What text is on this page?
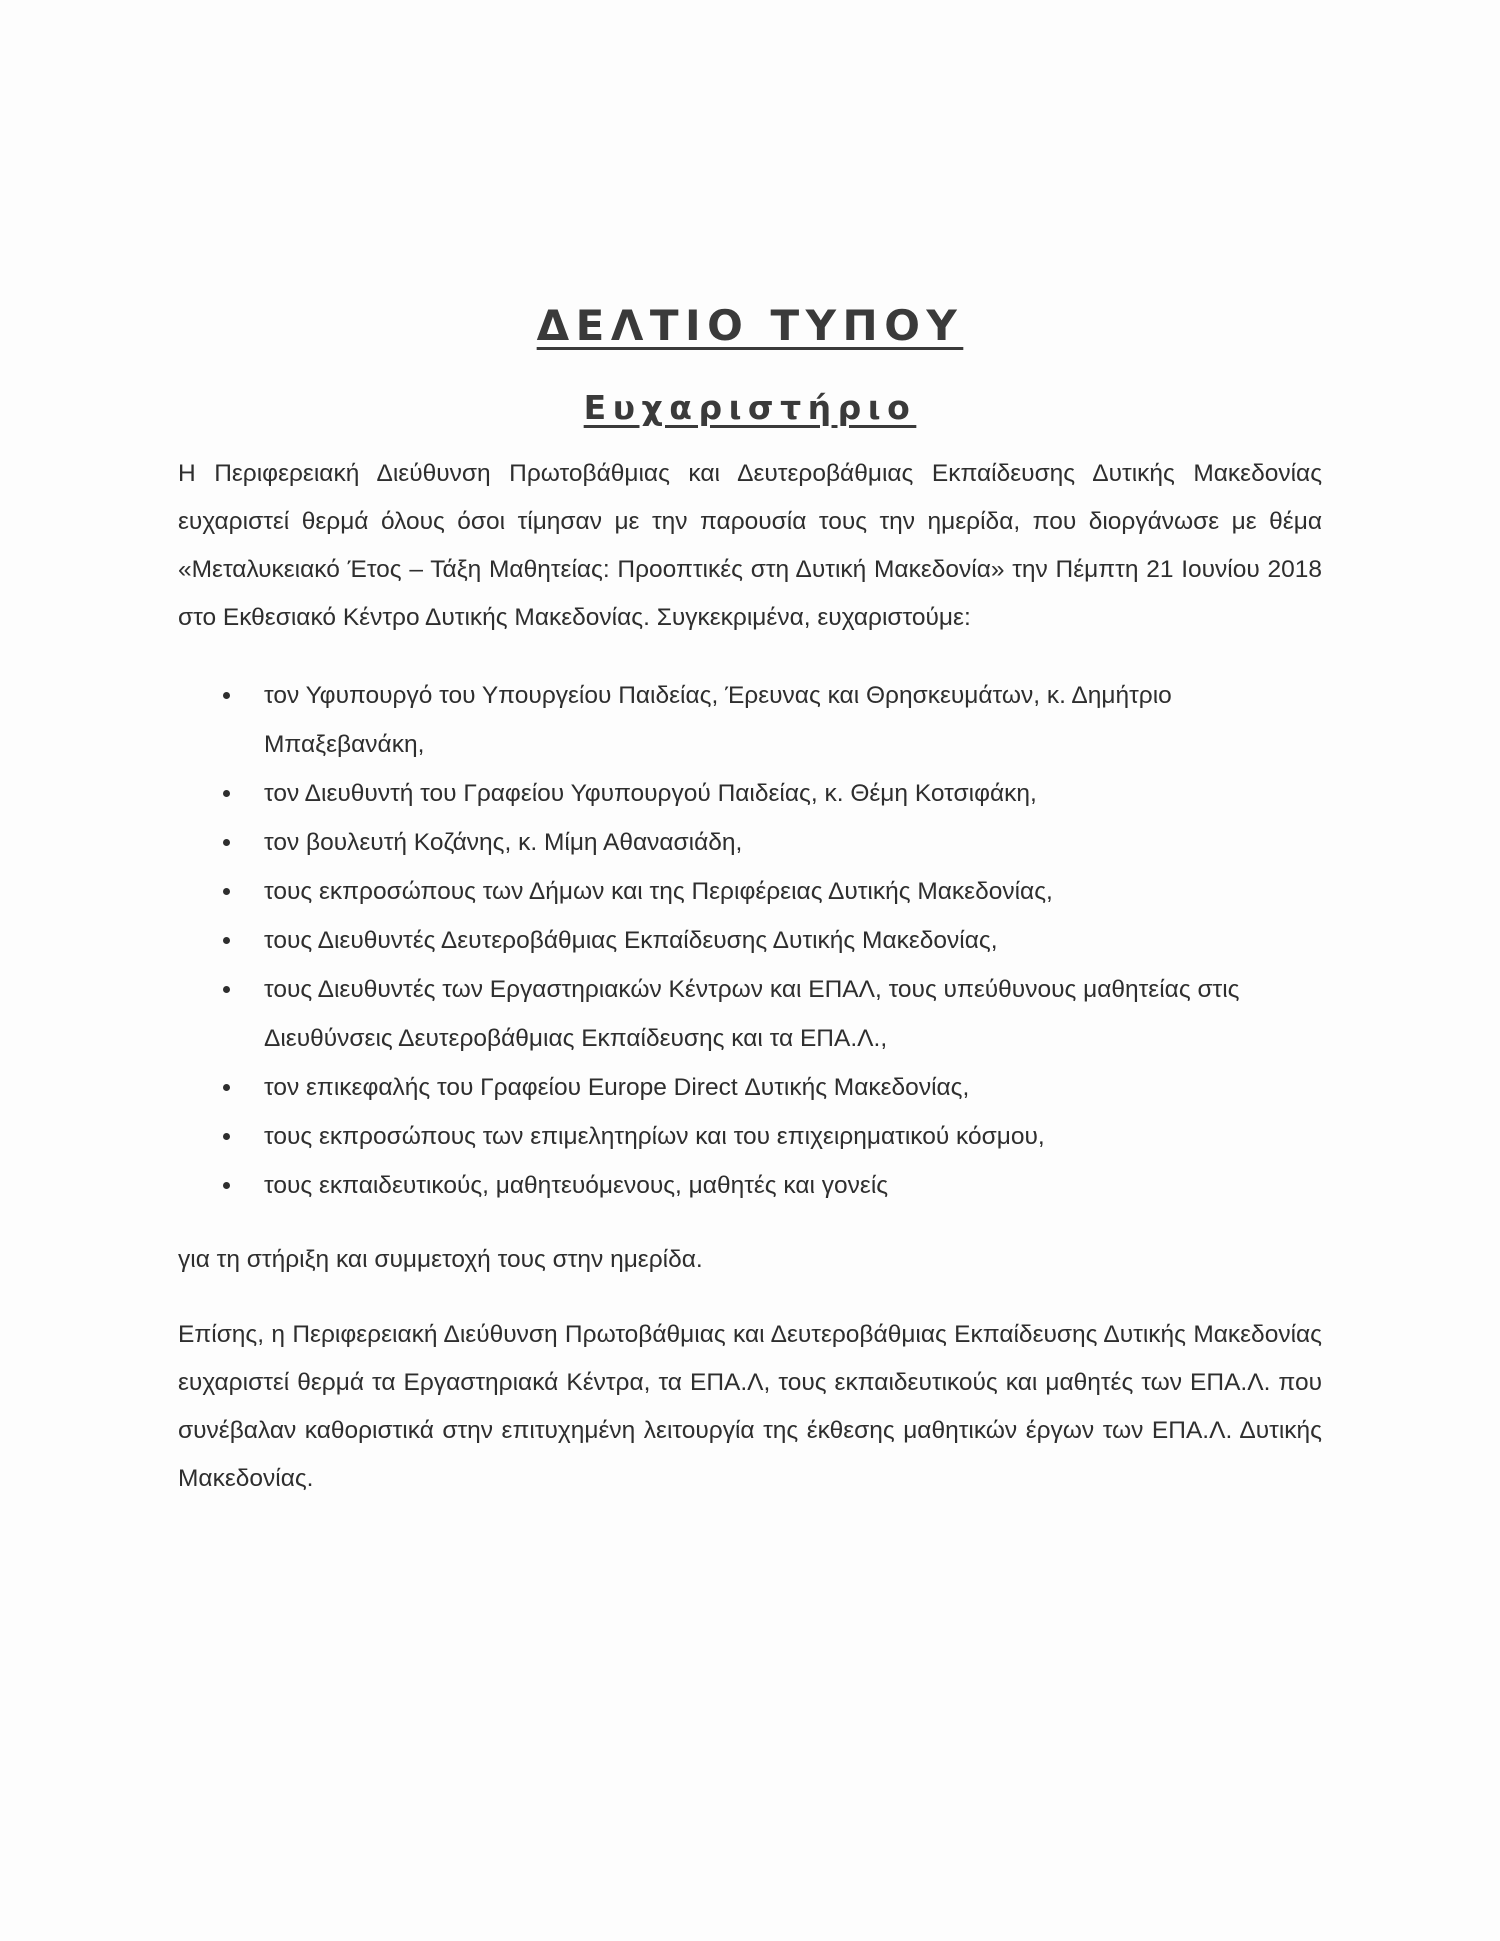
ΔΕΛΤΙΟ ΤΥΠΟΥ
Ευχαριστήριο

Η Περιφερειακή Διεύθυνση Πρωτοβάθμιας και Δευτεροβάθμιας Εκπαίδευσης Δυτικής Μακεδονίας ευχαριστεί θερμά όλους όσοι τίμησαν με την παρουσία τους την ημερίδα, που διοργάνωσε με θέμα «Μεταλυκειακό Έτος – Τάξη Μαθητείας: Προοπτικές στη Δυτική Μακεδονία» την Πέμπτη 21 Ιουνίου 2018 στο Εκθεσιακό Κέντρο Δυτικής Μακεδονίας. Συγκεκριμένα, ευχαριστούμε:

τον Υφυπουργό του Υπουργείου Παιδείας, Έρευνας και Θρησκευμάτων, κ. Δημήτριο Μπαξεβανάκη,
τον Διευθυντή του Γραφείου Υφυπουργού Παιδείας, κ. Θέμη Κοτσιφάκη,
τον βουλευτή Κοζάνης, κ. Μίμη Αθανασιάδη,
τους εκπροσώπους των Δήμων και της Περιφέρειας Δυτικής Μακεδονίας,
τους Διευθυντές Δευτεροβάθμιας Εκπαίδευσης Δυτικής Μακεδονίας,
τους Διευθυντές των Εργαστηριακών Κέντρων και ΕΠΑΛ, τους υπεύθυνους μαθητείας στις Διευθύνσεις Δευτεροβάθμιας Εκπαίδευσης και τα ΕΠΑ.Λ.,
τον επικεφαλής του Γραφείου Europe Direct Δυτικής Μακεδονίας,
τους εκπροσώπους των επιμελητηρίων και του επιχειρηματικού κόσμου,
τους εκπαιδευτικούς, μαθητευόμενους, μαθητές και γονείς

για τη στήριξη και συμμετοχή τους στην ημερίδα.

Επίσης, η Περιφερειακή Διεύθυνση Πρωτοβάθμιας και Δευτεροβάθμιας Εκπαίδευσης Δυτικής Μακεδονίας ευχαριστεί θερμά τα Εργαστηριακά Κέντρα, τα ΕΠΑ.Λ, τους εκπαιδευτικούς και μαθητές των ΕΠΑ.Λ. που συνέβαλαν καθοριστικά στην επιτυχημένη λειτουργία της έκθεσης μαθητικών έργων των ΕΠΑ.Λ. Δυτικής Μακεδονίας.
